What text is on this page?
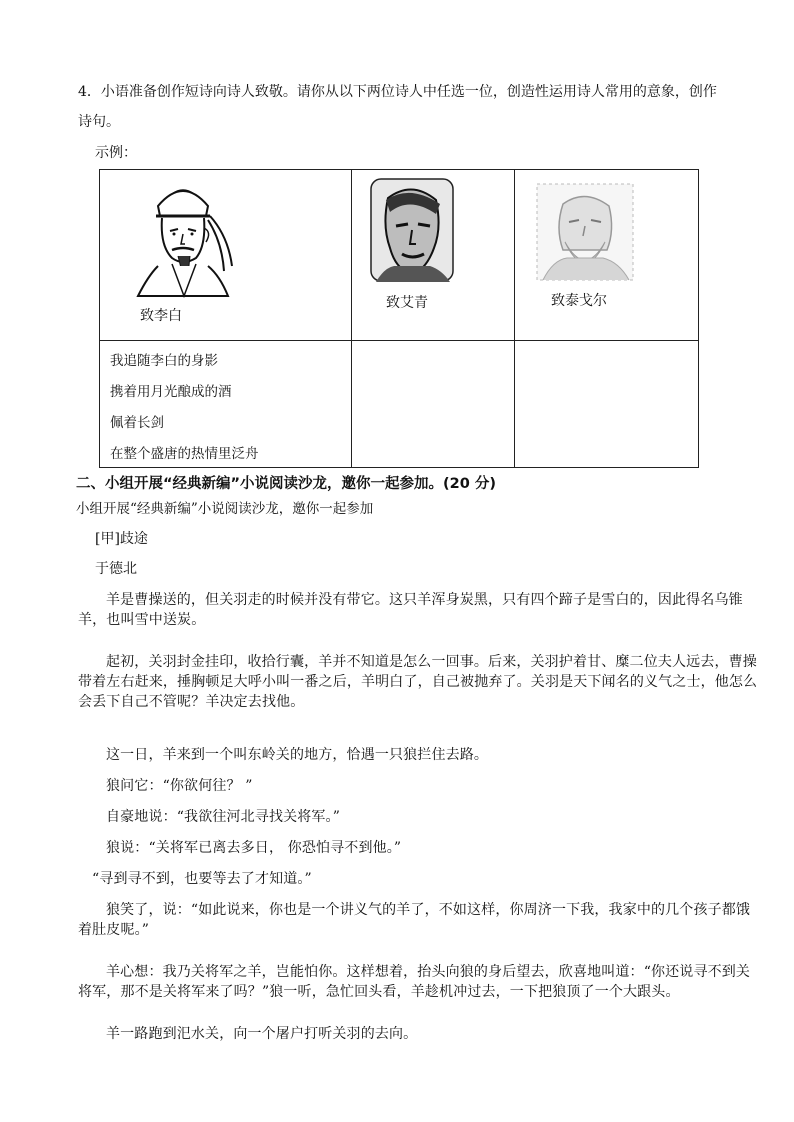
4．小语准备创作短诗向诗人致敬。请你从以下两位诗人中任选一位，创造性运用诗人常用的意象，创作
诗句。
示例：
致李白	致艾青	致泰戈尔

我追随李白的身影
携着用月光酿成的酒
佩着长剑
在整个盛唐的热情里泛舟		

二、小组开展“经典新编”小说阅读沙龙，邀你一起参加。(20 分)
小组开展“经典新编”小说阅读沙龙，邀你一起参加
[甲]歧途
于德北
羊是曹操送的，但关羽走的时候并没有带它。这只羊浑身炭黑，只有四个蹄子是雪白的，因此得名乌锥羊，也叫雪中送炭。
起初，关羽封金挂印，收拾行囊，羊并不知道是怎么一回事。后来，关羽护着甘、糜二位夫人远去，曹操带着左右赶来，捶胸顿足大呼小叫一番之后，羊明白了，自己被抛弃了。关羽是天下闻名的义气之士，他怎么会丢下自己不管呢？羊决定去找他。
这一日，羊来到一个叫东岭关的地方，恰遇一只狼拦住去路。
狼问它：“你欲何往？ ”
自豪地说：“我欲往河北寻找关将军。”
狼说：“关将军已离去多日， 你恐怕寻不到他。”
“寻到寻不到，也要等去了才知道。”
狼笑了，说：“如此说来，你也是一个讲义气的羊了，不如这样，你周济一下我，我家中的几个孩子都饿着肚皮呢。”
羊心想：我乃关将军之羊，岂能怕你。这样想着，抬头向狼的身后望去，欣喜地叫道：“你还说寻不到关将军，那不是关将军来了吗？”狼一听，急忙回头看，羊趁机冲过去，一下把狼顶了一个大跟头。
羊一路跑到汜水关，向一个屠户打听关羽的去向。
